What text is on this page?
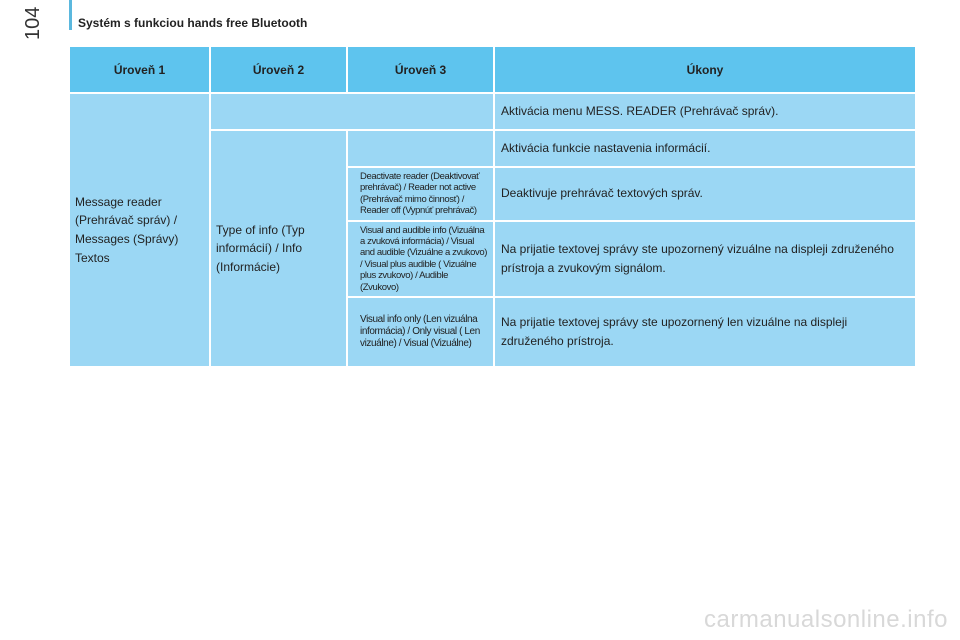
104	Systém s funkciou hands free Bluetooth
Úroveň 1	Úroveň 2	Úroveň 3	Úkony
Message reader (Prehrávač správ) / Messages (Správy) Textos			Aktivácia menu MESS. READER (Prehrávač správ).
	Type of info (Typ informácií) / Info (Informácie)		Aktivácia funkcie nastavenia informácií.
		Deactivate reader (Deaktivovať prehrávač) / Reader not active (Prehrávač mimo činnosť) / Reader off (Vypnúť prehrávač)	Deaktivuje prehrávač textových správ.
		Visual and audible info (Vizuálna a zvuková informácia) / Visual and audible (Vizuálne a zvukovo) / Visual plus audible ( Vizuálne plus zvukovo) / Audible (Zvukovo)	Na prijatie textovej správy ste upozornený vizuálne na displeji združeného prístroja a zvukovým signálom.
		Visual info only (Len vizuálna informácia) / Only visual ( Len vizuálne) / Visual (Vizuálne)	Na prijatie textovej správy ste upozornený len vizuálne na displeji združeného prístroja.
carmanualsonline.info
